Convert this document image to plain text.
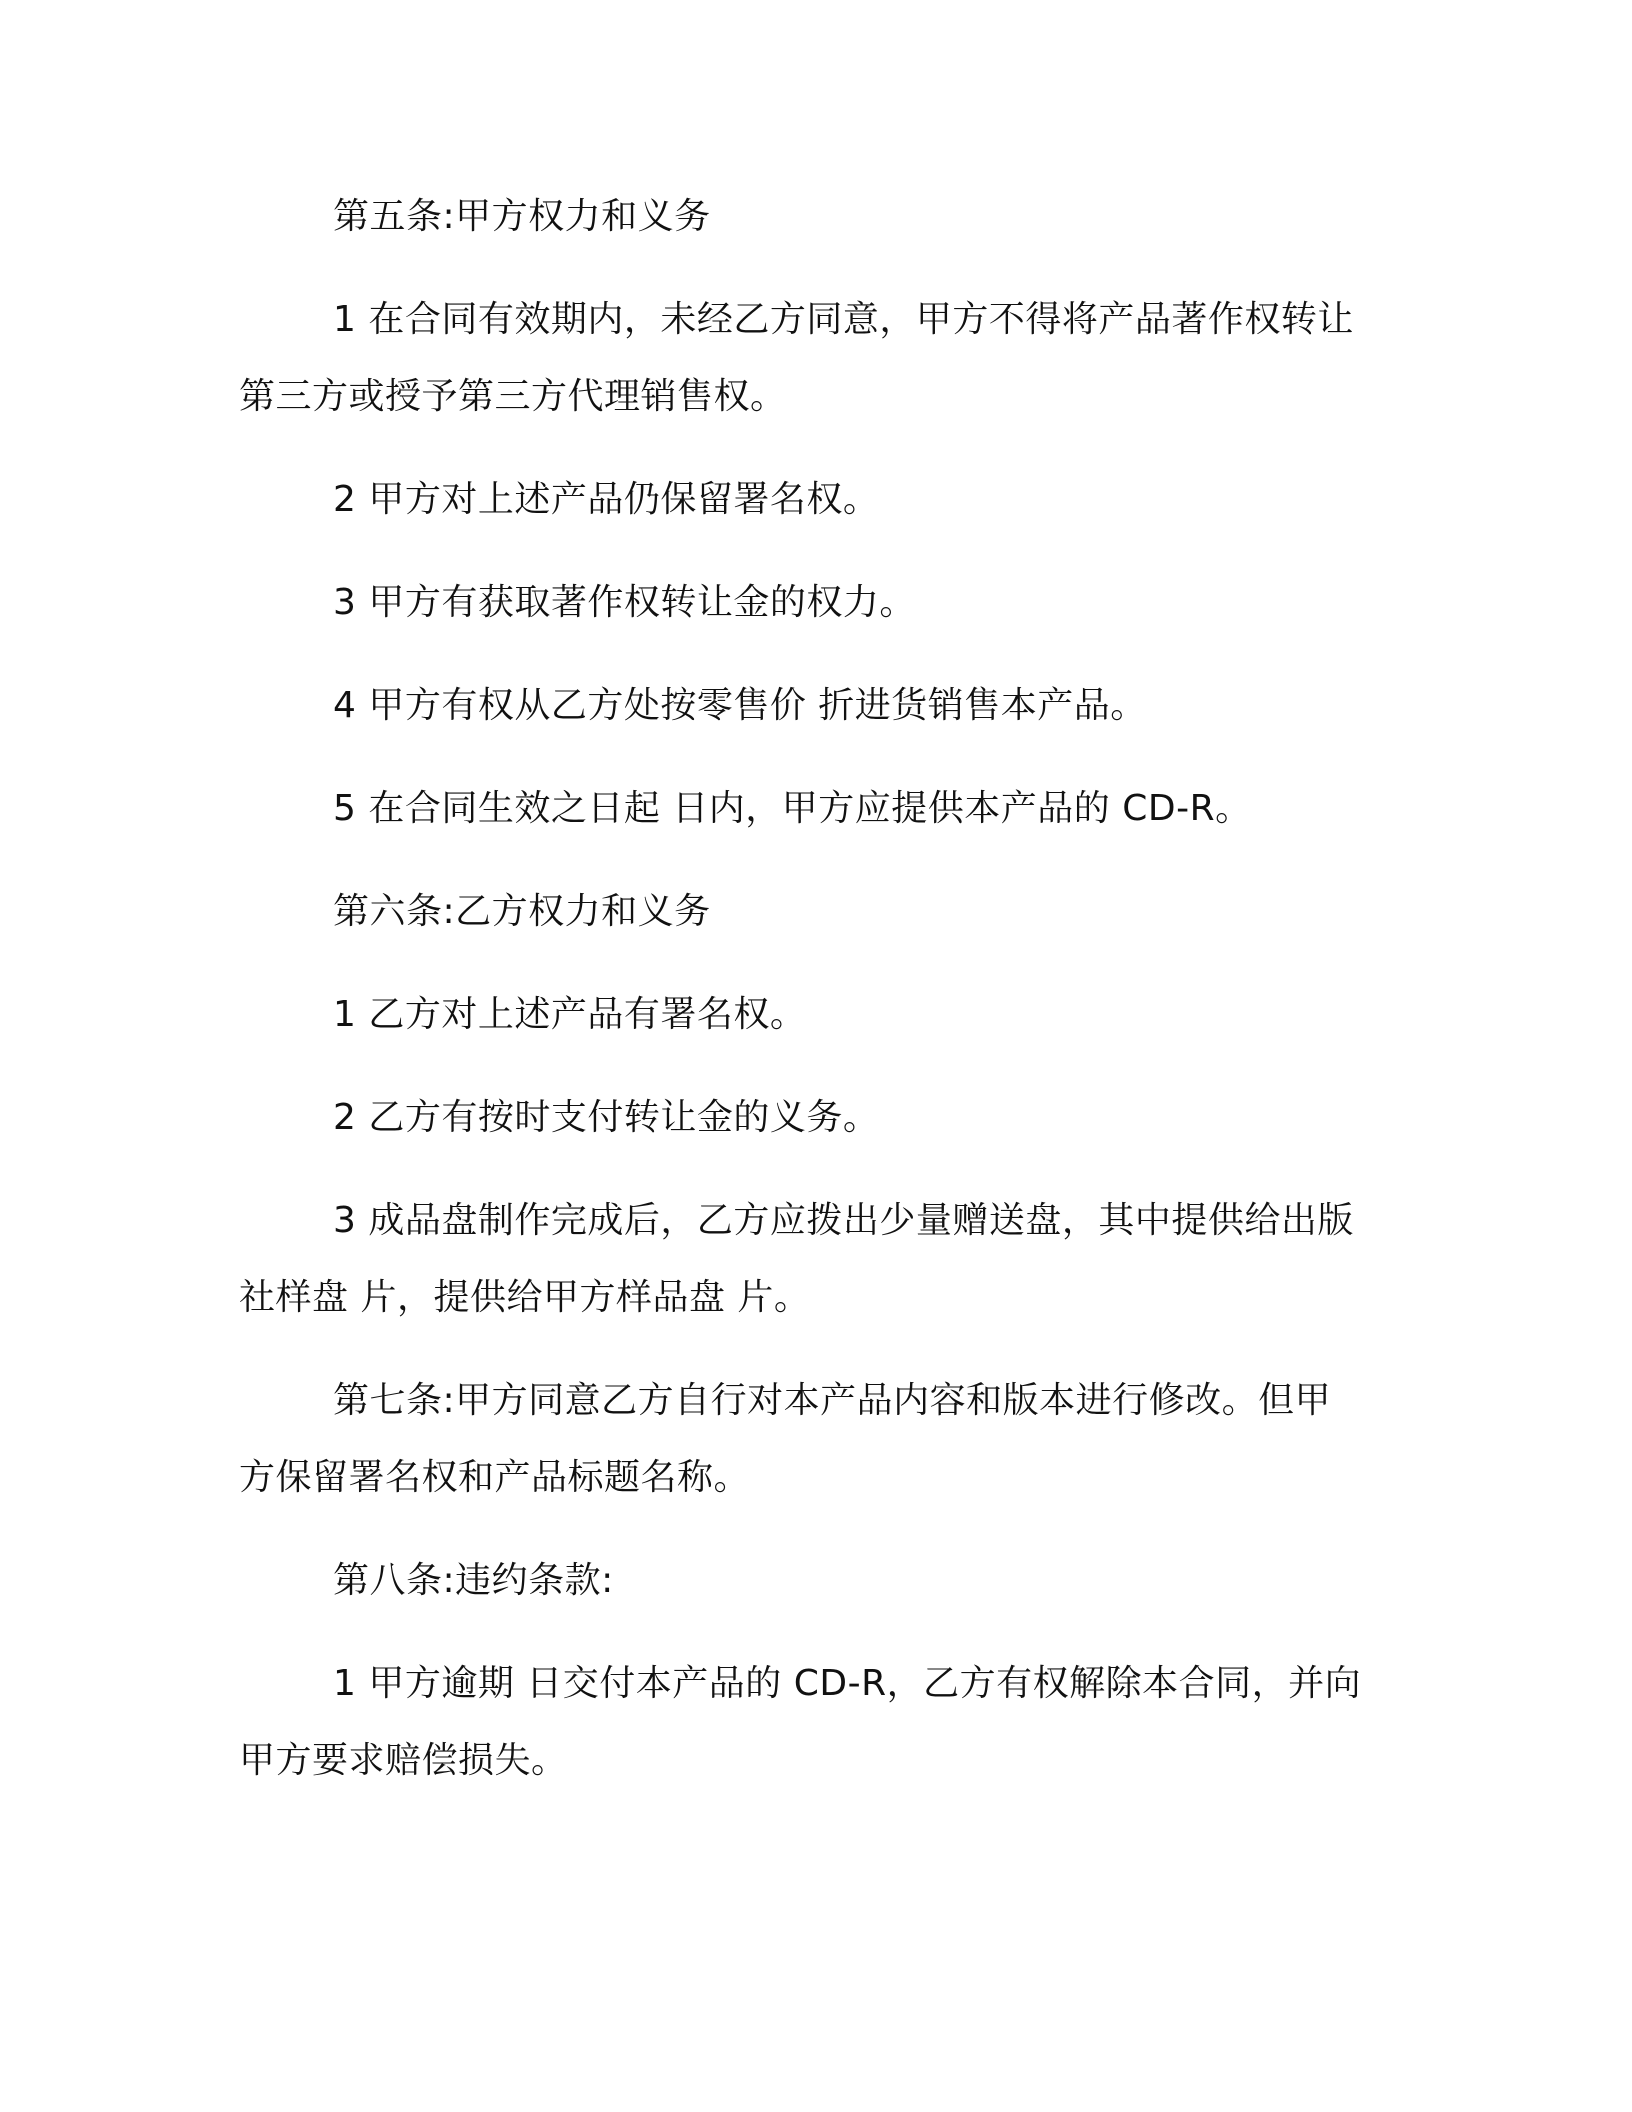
第五条:甲方权力和义务
1 在合同有效期内，未经乙方同意，甲方不得将产品著作权转让
第三方或授予第三方代理销售权。
2 甲方对上述产品仍保留署名权。
3 甲方有获取著作权转让金的权力。
4 甲方有权从乙方处按零售价 折进货销售本产品。
5 在合同生效之日起 日内，甲方应提供本产品的 CD-R。
第六条:乙方权力和义务
1 乙方对上述产品有署名权。
2 乙方有按时支付转让金的义务。
3 成品盘制作完成后，乙方应拨出少量赠送盘，其中提供给出版
社样盘 片，提供给甲方样品盘 片。
第七条:甲方同意乙方自行对本产品内容和版本进行修改。但甲
方保留署名权和产品标题名称。
第八条:违约条款:
1 甲方逾期 日交付本产品的 CD-R，乙方有权解除本合同，并向
甲方要求赔偿损失。
